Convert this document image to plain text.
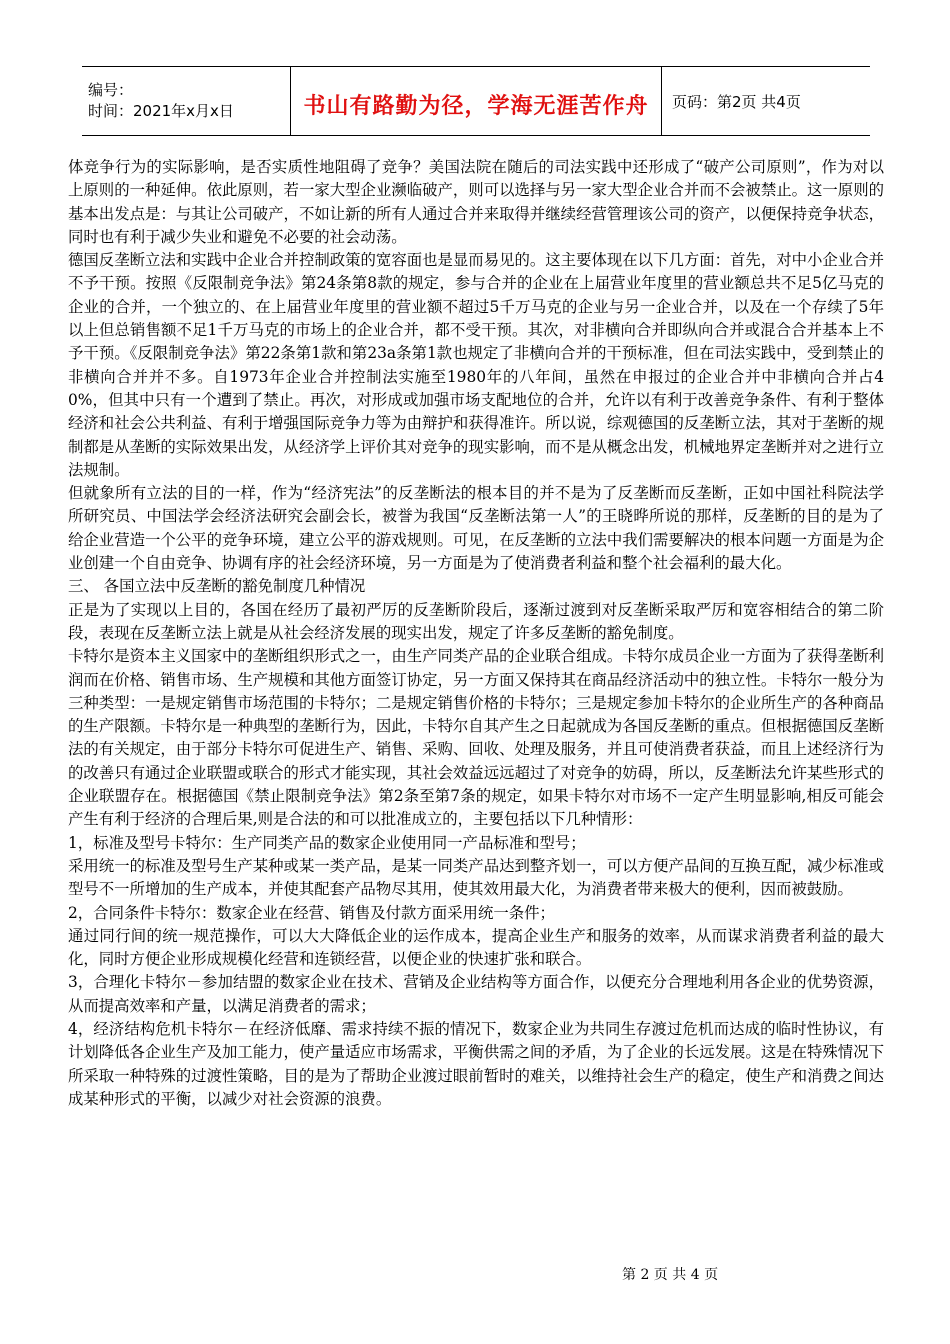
编号：
时间：2021年x月x日	书山有路勤为径，学海无涯苦作舟	页码：第2页 共4页

体竞争行为的实际影响，是否实质性地阻碍了竞争？美国法院在随后的司法实践中还形成了“破产公司原则”，作为对以上原则的一种延伸。依此原则，若一家大型企业濒临破产，则可以选择与另一家大型企业合并而不会被禁止。这一原则的基本出发点是：与其让公司破产，不如让新的所有人通过合并来取得并继续经营管理该公司的资产，以便保持竞争状态，同时也有利于减少失业和避免不必要的社会动荡。

德国反垄断立法和实践中企业合并控制政策的宽容面也是显而易见的。这主要体现在以下几方面：首先，对中小企业合并不予干预。按照《反限制竞争法》第24条第8款的规定，参与合并的企业在上届营业年度里的营业额总共不足5亿马克的企业的合并，一个独立的、在上届营业年度里的营业额不超过5千万马克的企业与另一企业合并，以及在一个存续了5年以上但总销售额不足1千万马克的市场上的企业合并，都不受干预。其次，对非横向合并即纵向合并或混合合并基本上不予干预。《反限制竞争法》第22条第1款和第23a条第1款也规定了非横向合并的干预标准，但在司法实践中，受到禁止的非横向合并并不多。自1973年企业合并控制法实施至1980年的八年间，虽然在申报过的企业合并中非横向合并占40%，但其中只有一个遭到了禁止。再次，对形成或加强市场支配地位的合并，允许以有利于改善竞争条件、有利于整体经济和社会公共利益、有利于增强国际竞争力等为由辩护和获得准许。所以说，综观德国的反垄断立法，其对于垄断的规制都是从垄断的实际效果出发，从经济学上评价其对竞争的现实影响，而不是从概念出发，机械地界定垄断并对之进行立法规制。

但就象所有立法的目的一样，作为“经济宪法”的反垄断法的根本目的并不是为了反垄断而反垄断，正如中国社科院法学所研究员、中国法学会经济法研究会副会长，被誉为我国“反垄断法第一人”的王晓晔所说的那样，反垄断的目的是为了给企业营造一个公平的竞争环境，建立公平的游戏规则。可见，在反垄断的立法中我们需要解决的根本问题一方面是为企业创建一个自由竞争、协调有序的社会经济环境，另一方面是为了使消费者利益和整个社会福利的最大化。

三、 各国立法中反垄断的豁免制度几种情况

正是为了实现以上目的，各国在经历了最初严厉的反垄断阶段后，逐渐过渡到对反垄断采取严厉和宽容相结合的第二阶段，表现在反垄断立法上就是从社会经济发展的现实出发，规定了许多反垄断的豁免制度。

卡特尔是资本主义国家中的垄断组织形式之一，由生产同类产品的企业联合组成。卡特尔成员企业一方面为了获得垄断利润而在价格、销售市场、生产规模和其他方面签订协定，另一方面又保持其在商品经济活动中的独立性。卡特尔一般分为三种类型：一是规定销售市场范围的卡特尔；二是规定销售价格的卡特尔；三是规定参加卡特尔的企业所生产的各种商品的生产限额。卡特尔是一种典型的垄断行为，因此，卡特尔自其产生之日起就成为各国反垄断的重点。但根据德国反垄断法的有关规定，由于部分卡特尔可促进生产、销售、采购、回收、处理及服务，并且可使消费者获益，而且上述经济行为的改善只有通过企业联盟或联合的形式才能实现，其社会效益远远超过了对竞争的妨碍，所以，反垄断法允许某些形式的企业联盟存在。根据德国《禁止限制竞争法》第2条至第7条的规定，如果卡特尔对市场不一定产生明显影响,相反可能会产生有利于经济的合理后果,则是合法的和可以批准成立的，主要包括以下几种情形：

1，标准及型号卡特尔：生产同类产品的数家企业使用同一产品标准和型号；

采用统一的标准及型号生产某种或某一类产品，是某一同类产品达到整齐划一，可以方便产品间的互换互配，减少标准或型号不一所增加的生产成本，并使其配套产品物尽其用，使其效用最大化，为消费者带来极大的便利，因而被鼓励。

2，合同条件卡特尔：数家企业在经营、销售及付款方面采用统一条件；

通过同行间的统一规范操作，可以大大降低企业的运作成本，提高企业生产和服务的效率，从而谋求消费者利益的最大化，同时方便企业形成规模化经营和连锁经营，以便企业的快速扩张和联合。

3，合理化卡特尔－参加结盟的数家企业在技术、营销及企业结构等方面合作，以便充分合理地利用各企业的优势资源，从而提高效率和产量，以满足消费者的需求；

4，经济结构危机卡特尔－在经济低靡、需求持续不振的情况下，数家企业为共同生存渡过危机而达成的临时性协议，有计划降低各企业生产及加工能力，使产量适应市场需求，平衡供需之间的矛盾，为了企业的长远发展。这是在特殊情况下所采取一种特殊的过渡性策略，目的是为了帮助企业渡过眼前暂时的难关，以维持社会生产的稳定，使生产和消费之间达成某种形式的平衡，以减少对社会资源的浪费。

第 2 页 共 4 页
